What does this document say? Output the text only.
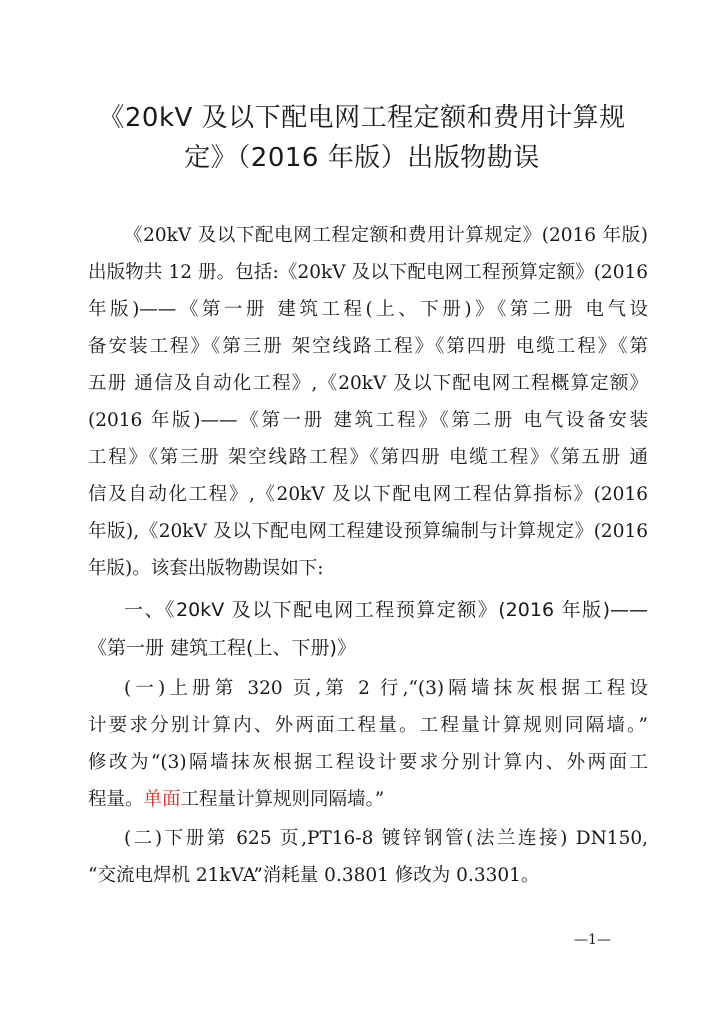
《20kV 及以下配电网工程定额和费用计算规
定》（2016 年版）出版物勘误
《20kV 及以下配电网工程定额和费用计算规定》(2016 年版)
出版物共 12 册。包括:《20kV 及以下配电网工程预算定额》(2016
年版)——《第一册 建筑工程(上、下册)》《第二册 电气设
备安装工程》《第三册 架空线路工程》《第四册 电缆工程》《第
五册 通信及自动化工程》,《20kV 及以下配电网工程概算定额》
(2016 年版)——《第一册 建筑工程》《第二册 电气设备安装
工程》《第三册 架空线路工程》《第四册 电缆工程》《第五册 通
信及自动化工程》,《20kV 及以下配电网工程估算指标》(2016
年版),《20kV 及以下配电网工程建设预算编制与计算规定》(2016
年版)。该套出版物勘误如下:
一、《20kV 及以下配电网工程预算定额》(2016 年版)——
《第一册 建筑工程(上、下册)》
(一)上册第 320 页,第 2 行,“(3)隔墙抹灰根据工程设
计要求分别计算内、外两面工程量。工程量计算规则同隔墙。”
修改为“(3)隔墙抹灰根据工程设计要求分别计算内、外两面工
程量。单面工程量计算规则同隔墙。”
(二)下册第 625 页,PT16-8 镀锌钢管(法兰连接) DN150,
“交流电焊机 21kVA”消耗量 0.3801 修改为 0.3301。
—1—
